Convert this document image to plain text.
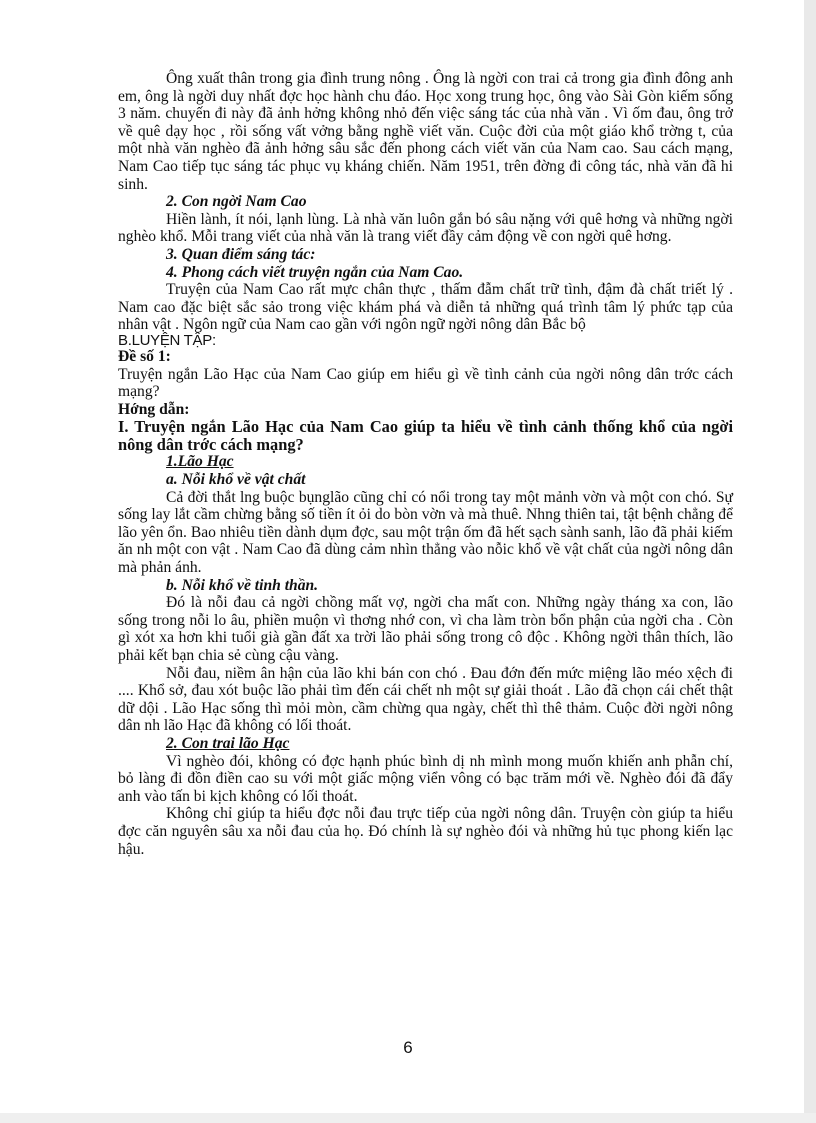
Ông xuất thân trong gia đình trung nông . Ông là ngời con trai cả trong gia đình đông anh em, ông là ngời duy nhất đợc học hành chu đáo. Học xong trung học, ông vào Sài Gòn kiếm sống 3 năm. chuyến đi này đã ảnh hởng không nhỏ đến việc sáng tác của nhà văn . Vì ốm đau, ông trở về quê dạy học , rồi sống vất vởng bằng nghề viết văn. Cuộc đời của một giáo khổ trờng t, của một nhà văn nghèo đã ảnh hởng sâu sắc đến phong cách viết văn của Nam cao. Sau cách mạng, Nam Cao tiếp tục sáng tác phục vụ kháng chiến. Năm 1951, trên đờng đi công tác, nhà văn đã hi sinh.

2. Con ngời Nam Cao

Hiền lành, ít nói, lạnh lùng. Là nhà văn luôn gắn bó sâu nặng với quê hơng và những ngời nghèo khổ. Mỗi trang viết của nhà văn là trang viết đầy cảm động về con ngời quê hơng.

3. Quan điểm sáng tác:

4. Phong cách viết truyện ngắn của Nam Cao.

Truyện của Nam Cao rất mực chân thực , thấm đẫm chất trữ tình, đậm đà chất triết lý . Nam cao đặc biệt sắc sảo trong việc khám phá và diễn tả những quá trình tâm lý phức tạp của nhân vật . Ngôn ngữ của Nam cao gần với ngôn ngữ ngời nông dân Bắc bộ

B.LUYỆN TẬP:

Đề số 1:

Truyện ngắn Lão Hạc của Nam Cao giúp em hiểu gì về tình cảnh của ngời nông dân trớc cách mạng?

Hớng dẫn:

I. Truyện ngắn Lão Hạc của Nam Cao giúp ta hiểu về tình cảnh thống khổ của ngời nông dân trớc cách mạng?

1.Lão Hạc

a. Nỗi khổ về vật chất

Cả đời thắt lng buộc bụnglão cũng chỉ có nổi trong tay một mảnh vờn và một con chó. Sự sống lay lắt cầm chừng bằng số tiền ít ỏi do bòn vờn và mà thuê. Nhng thiên tai, tật bệnh chẳng để lão yên ổn. Bao nhiêu tiền dành dụm đợc, sau một trận ốm đã hết sạch sành sanh, lão đã phải kiếm ăn nh một con vật . Nam Cao đã dùng cảm nhìn thẳng vào nỗic khổ về vật chất của ngời nông dân mà phản ánh.

b. Nỗi khổ về tinh thần.

Đó là nỗi đau cả ngời chồng mất vợ, ngời cha mất con. Những ngày tháng xa con, lão sống trong nỗi lo âu, phiền muộn vì thơng nhớ con, vì cha làm tròn bổn phận của ngời cha . Còn gì xót xa hơn khi tuổi già gần đất xa trời lão phải sống trong cô độc . Không ngời thân thích, lão phải kết bạn chia sẻ cùng cậu vàng.

Nỗi đau, niềm ân hận của lão khi bán con chó . Đau đớn đến mức miệng lão méo xệch đi .... Khổ sở, đau xót buộc lão phải tìm đến cái chết nh một sự giải thoát . Lão đã chọn cái chết thật dữ dội . Lão Hạc sống thì mỏi mòn, cầm chừng qua ngày, chết thì thê thảm. Cuộc đời ngời nông dân nh lão Hạc đã không có lối thoát.

2. Con trai lão Hạc

Vì nghèo đói, không có đợc hạnh phúc bình dị nh mình mong muốn khiến anh phẫn chí, bỏ làng đi đồn điền cao su với một giấc mộng viển vông có bạc trăm mới về. Nghèo đói đã đẩy anh vào tấn bi kịch không có lối thoát.

Không chỉ giúp ta hiểu đợc nỗi đau trực tiếp của ngời nông dân. Truyện còn giúp ta hiểu đợc căn nguyên sâu xa nỗi đau của họ. Đó chính là sự nghèo đói và những hủ tục phong kiến lạc hậu.

6
